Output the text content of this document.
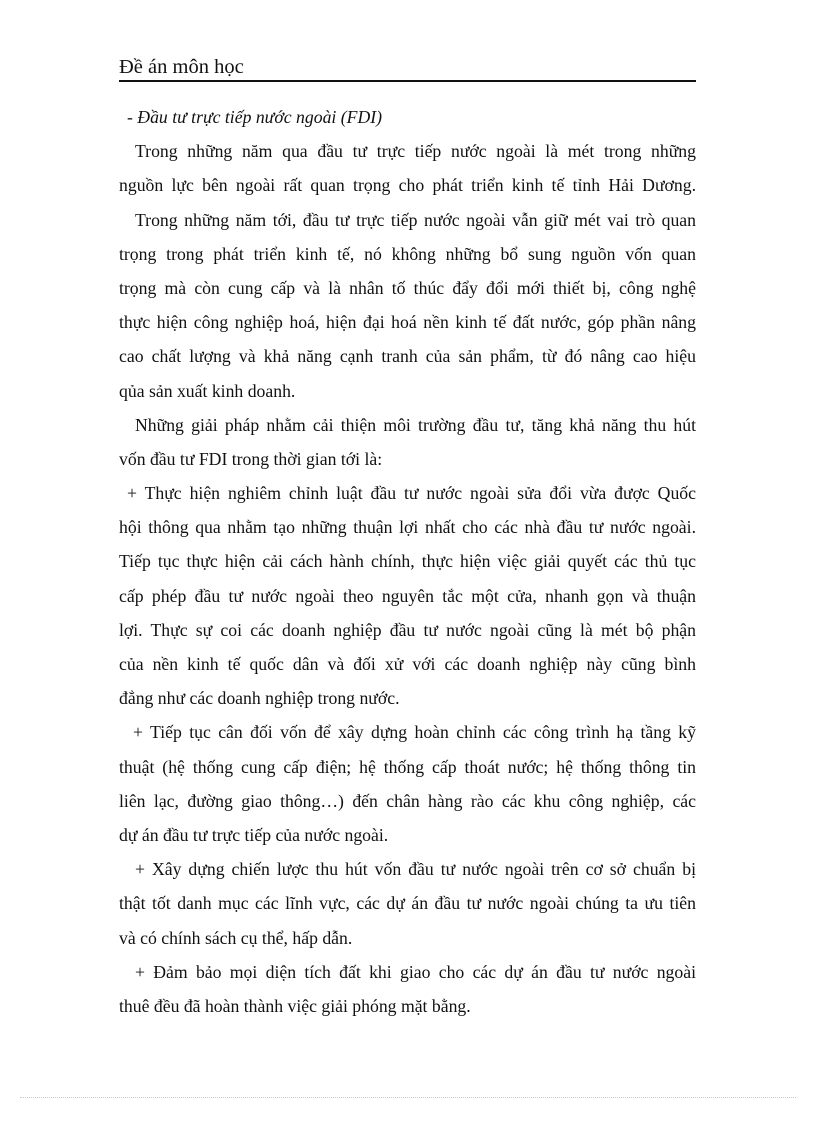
Đề án môn học
- Đầu tư trực tiếp nước ngoài (FDI)
Trong những năm qua đầu tư trực tiếp nước ngoài là mét trong những
nguồn lực bên ngoài rất quan trọng cho phát triển kinh tế tỉnh Hải Dương.
Trong những năm tới, đầu tư trực tiếp nước ngoài vẫn giữ mét vai trò quan
trọng trong phát triển kinh tế, nó không những bổ sung nguồn vốn quan
trọng mà còn cung cấp và là nhân tố thúc đẩy đổi mới thiết bị, công nghệ
thực hiện công nghiệp hoá, hiện đại hoá nền kinh tế đất nước, góp phần nâng
cao chất lượng và khả năng cạnh tranh của sản phẩm, từ đó nâng cao hiệu
qủa sản xuất kinh doanh.
Những giải pháp nhằm cải thiện môi trường đầu tư, tăng khả năng thu hút
vốn đầu tư FDI trong thời gian tới là:
+ Thực hiện nghiêm chỉnh luật đầu tư nước ngoài sửa đổi vừa được Quốc
hội thông qua nhằm tạo những thuận lợi nhất cho các nhà đầu tư nước ngoài.
Tiếp tục thực hiện cải cách hành chính, thực hiện việc giải quyết các thủ tục
cấp phép đầu tư nước ngoài theo nguyên tắc một cửa, nhanh gọn và thuận
lợi. Thực sự coi các doanh nghiệp đầu tư nước ngoài cũng là mét bộ phận
của nền kinh tế quốc dân và đối xử với các doanh nghiệp này cũng bình
đẳng như các doanh nghiệp trong nước.
+ Tiếp tục cân đối vốn để xây dựng hoàn chỉnh các công trình hạ tầng kỹ
thuật (hệ thống cung cấp điện; hệ thống cấp thoát nước; hệ thống thông tin
liên lạc, đường giao thông…) đến chân hàng rào các khu công nghiệp, các
dự án đầu tư trực tiếp của nước ngoài.
+ Xây dựng chiến lược thu hút vốn đầu tư nước ngoài trên cơ sở chuẩn bị
thật tốt danh mục các lĩnh vực, các dự án đầu tư nước ngoài chúng ta ưu tiên
và có chính sách cụ thể, hấp dẫn.
+ Đảm bảo mọi diện tích đất khi giao cho các dự án đầu tư nước ngoài
thuê đều đã hoàn thành việc giải phóng mặt bằng.
